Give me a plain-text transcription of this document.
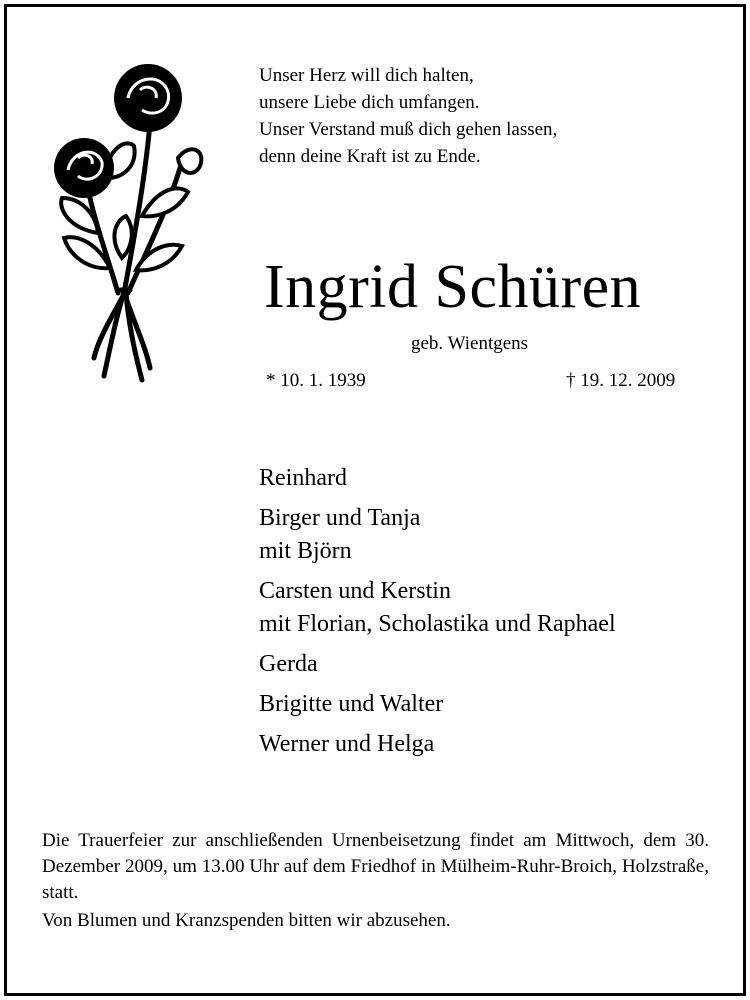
Unser Herz will dich halten,
unsere Liebe dich umfangen.
Unser Verstand muß dich gehen lassen,
denn deine Kraft ist zu Ende.
Ingrid Schüren
geb. Wientgens
* 10. 1. 1939	† 19. 12. 2009
Reinhard
Birger und Tanja
mit Björn
Carsten und Kerstin
mit Florian, Scholastika und Raphael
Gerda
Brigitte und Walter
Werner und Helga
Die Trauerfeier zur anschließenden Urnenbeisetzung findet am Mittwoch, dem 30. Dezember 2009, um 13.00 Uhr auf dem Friedhof in Mülheim-Ruhr-Broich, Holzstraße, statt.
Von Blumen und Kranzspenden bitten wir abzusehen.
